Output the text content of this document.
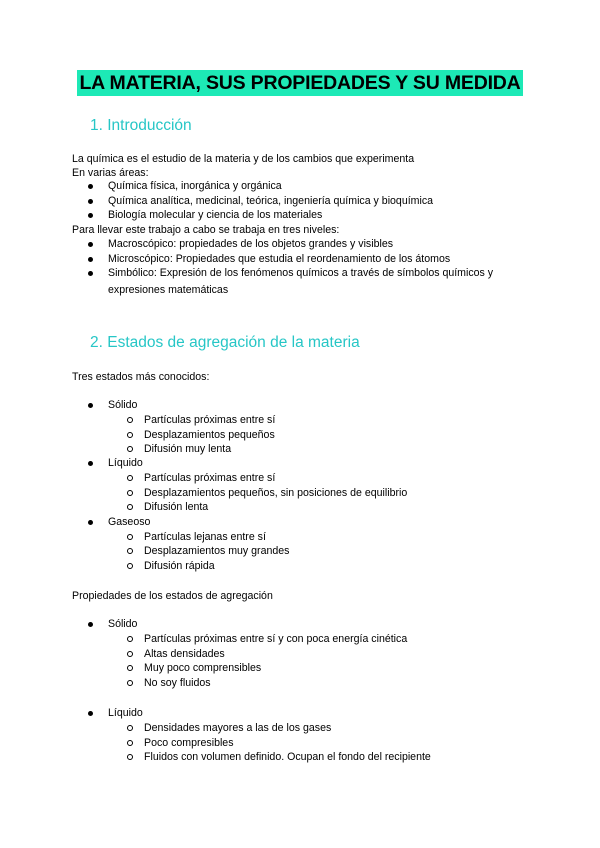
LA MATERIA, SUS PROPIEDADES Y SU MEDIDA
1. Introducción
La química es el estudio de la materia y de los cambios que experimenta
En varias áreas:
Química física, inorgánica y orgánica
Química analítica, medicinal, teórica, ingeniería química y bioquímica
Biología molecular y ciencia de los materiales
Para llevar este trabajo a cabo se trabaja en tres niveles:
Macroscópico: propiedades de los objetos grandes y visibles
Microscópico: Propiedades que estudia el reordenamiento de los átomos
Simbólico: Expresión de los fenómenos químicos a través de símbolos químicos y
expresiones matemáticas
2. Estados de agregación de la materia
Tres estados más conocidos:
Sólido
Partículas próximas entre sí
Desplazamientos pequeños
Difusión muy lenta
Líquido
Partículas próximas entre sí
Desplazamientos pequeños, sin posiciones de equilibrio
Difusión lenta
Gaseoso
Partículas lejanas entre sí
Desplazamientos muy grandes
Difusión rápida
Propiedades de los estados de agregación
Sólido
Partículas próximas entre sí y con poca energía cinética
Altas densidades
Muy poco comprensibles
No soy fluidos
Líquido
Densidades mayores a las de los gases
Poco compresibles
Fluidos con volumen definido. Ocupan el fondo del recipiente
